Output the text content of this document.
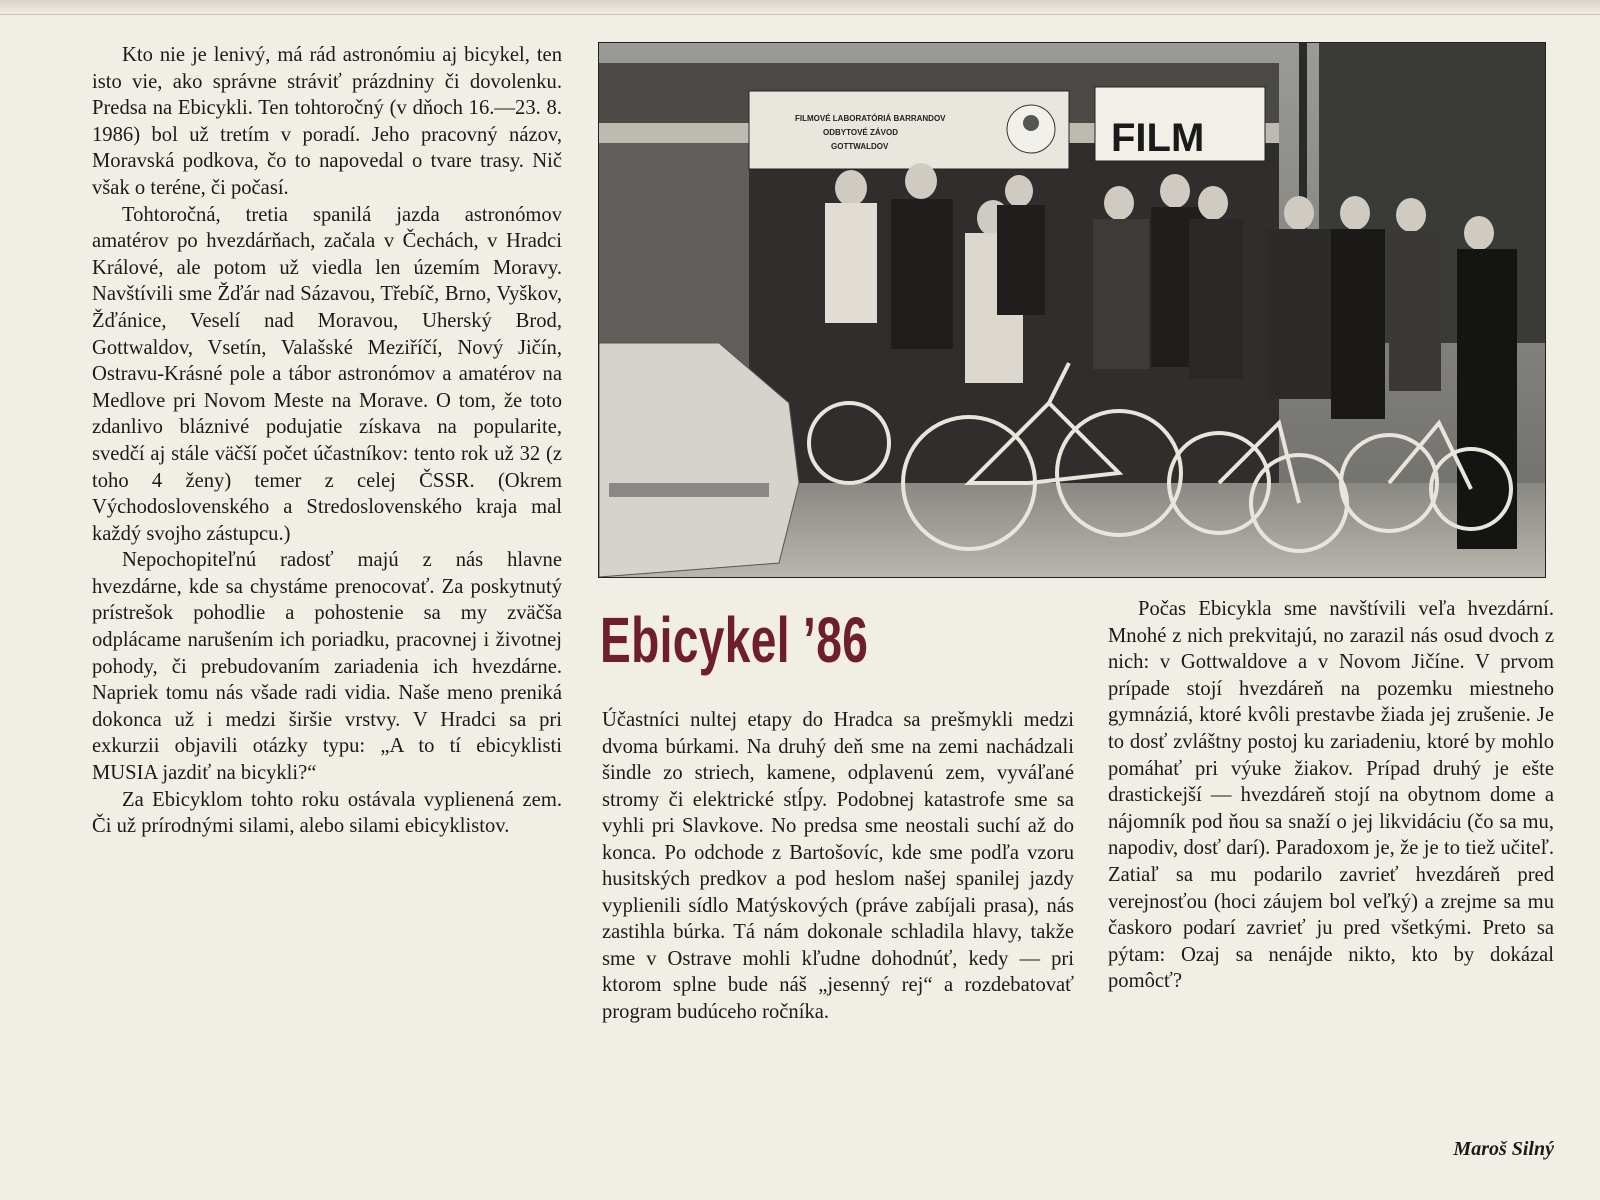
Kto nie je lenivý, má rád astronómiu aj bicykel, ten isto vie, ako správne stráviť prázdniny či dovolenku. Predsa na Ebicykli. Ten tohtoročný (v dňoch 16.—23. 8. 1986) bol už tretím v poradí. Jeho pracovný názov, Moravská podkova, čo to napovedal o tvare trasy. Nič však o teréne, či počasí.

Tohtoročná, tretia spanilá jazda astronómov amatérov po hvezdárňach, začala v Čechách, v Hradci Králové, ale potom už viedla len územím Moravy. Navštívili sme Žďár nad Sázavou, Třebíč, Brno, Vyškov, Žďánice, Veselí nad Moravou, Uherský Brod, Gottwaldov, Vsetín, Valašské Meziříčí, Nový Jičín, Ostravu-Krásné pole a tábor astronómov a amatérov na Medlove pri Novom Meste na Morave. O tom, že toto zdanlivo bláznivé podujatie získava na popularite, svedčí aj stále väčší počet účastníkov: tento rok už 32 (z toho 4 ženy) temer z celej ČSSR. (Okrem Východoslovenského a Stredoslovenského kraja mal každý svojho zástupcu.)

Nepochopiteľnú radosť majú z nás hlavne hvezdárne, kde sa chystáme prenocovať. Za poskytnutý prístrešok pohodlie a pohostenie sa my zväčša odplácame narušením ich poriadku, pracovnej i životnej pohody, či prebudovaním zariadenia ich hvezdárne. Napriek tomu nás všade radi vidia. Naše meno preniká dokonca už i medzi širšie vrstvy. V Hradci sa pri exkurzii objavili otázky typu: „A to tí ebicyklisti MUSIA jazdiť na bicykli?“

Za Ebicyklom tohto roku ostávala vyplienená zem. Či už prírodnými silami, alebo silami ebicyklistov.

FILMOVÉ LABORATÓRIÁ BARRANDOV
ODBYTOVÉ ZÁVOD
GOTTWALDOV	FILM
Ebicykel ’86

Účastníci nultej etapy do Hradca sa prešmykli medzi dvoma búrkami. Na druhý deň sme na zemi nachádzali šindle zo striech, kamene, odplavenú zem, vyváľané stromy či elektrické stĺpy. Podobnej katastrofe sme sa vyhli pri Slavkove. No predsa sme neostali suchí až do konca. Po odchode z Bartošovíc, kde sme podľa vzoru husitských predkov a pod heslom našej spanilej jazdy vyplienili sídlo Matýskových (práve zabíjali prasa), nás zastihla búrka. Tá nám dokonale schladila hlavy, takže sme v Ostrave mohli kľudne dohodnúť, kedy — pri ktorom splne bude náš „jesenný rej“ a rozdebatovať program budúceho ročníka.

Počas Ebicykla sme navštívili veľa hvezdární. Mnohé z nich prekvitajú, no zarazil nás osud dvoch z nich: v Gottwaldove a v Novom Jičíne. V prvom prípade stojí hvezdáreň na pozemku miestneho gymnáziá, ktoré kvôli prestavbe žiada jej zrušenie. Je to dosť zvláštny postoj ku zariadeniu, ktoré by mohlo pomáhať pri výuke žiakov. Prípad druhý je ešte drastickejší — hvezdáreň stojí na obytnom dome a nájomník pod ňou sa snaží o jej likvidáciu (čo sa mu, napodiv, dosť darí). Paradoxom je, že je to tiež učiteľ. Zatiaľ sa mu podarilo zavrieť hvezdáreň pred verejnosťou (hoci záujem bol veľký) a zrejme sa mu časkoro podarí zavrieť ju pred všetkými. Preto sa pýtam: Ozaj sa nenájde nikto, kto by dokázal pomôcť?

Maroš Silný
